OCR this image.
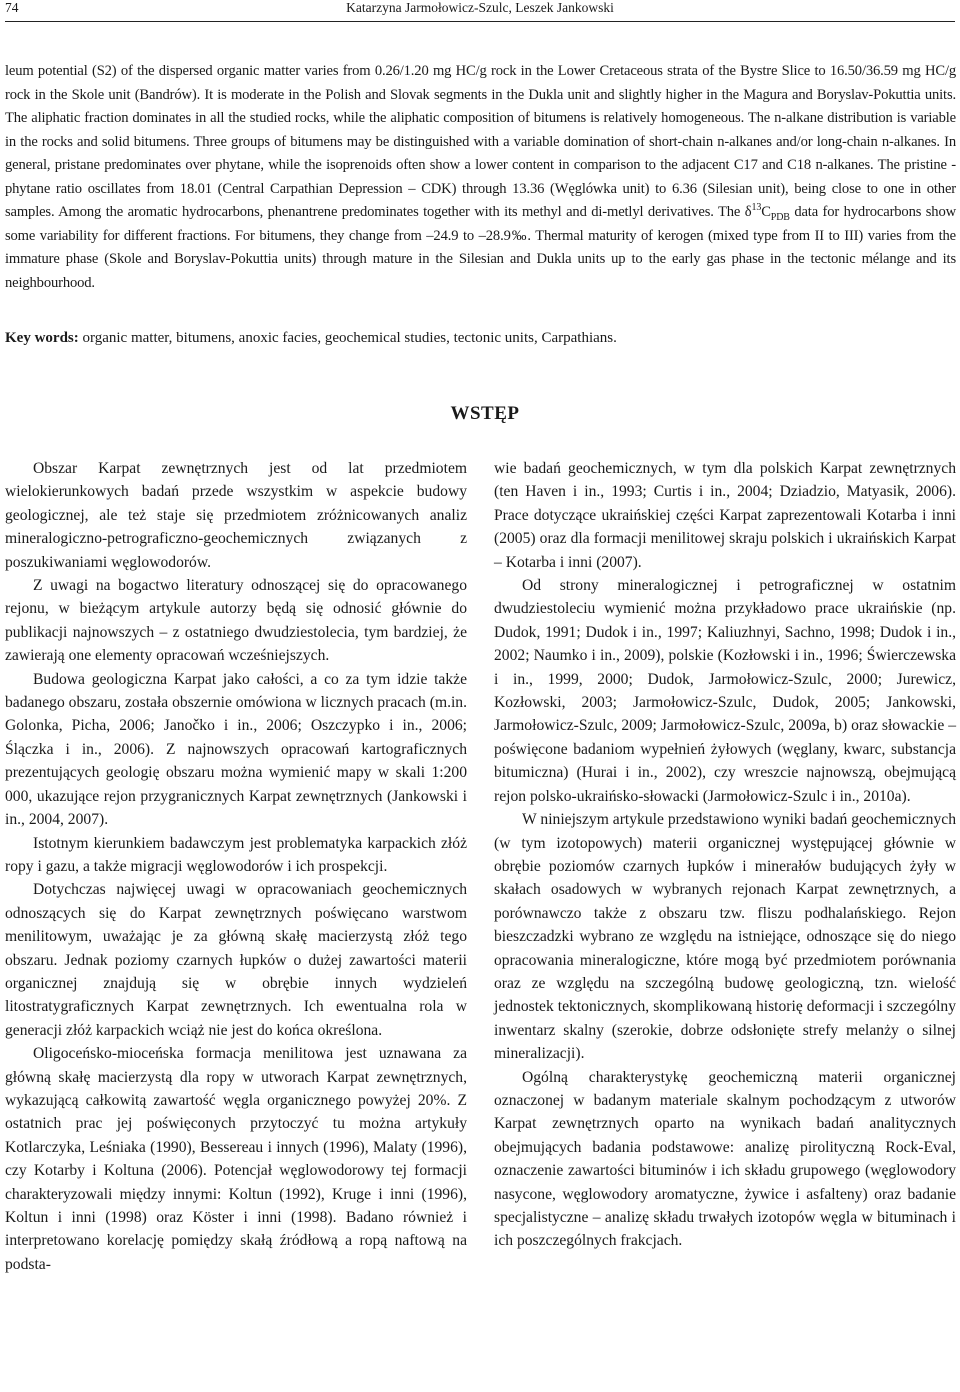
74	Katarzyna Jarmołowicz-Szulc, Leszek Jankowski

leum potential (S2) of the dispersed organic matter varies from 0.26/1.20 mg HC/g rock in the Lower Cretaceous strata of the Bystre Slice to 16.50/36.59 mg HC/g rock in the Skole unit (Bandrów). It is moderate in the Polish and Slovak segments in the Dukla unit and slightly higher in the Magura and Boryslav-Pokuttia units. The aliphatic fraction dominates in all the studied rocks, while the aliphatic composition of bitumens is relatively homogeneous. The n-alkane distribution is variable in the rocks and solid bitumens. Three groups of bitumens may be distinguished with a variable domination of short-chain n-alkanes and/or long-chain n-alkanes. In general, pristane predominates over phytane, while the isoprenoids often show a lower content in comparison to the adjacent C17 and C18 n-alkanes. The pristine - phytane ratio oscillates from 18.01 (Central Carpathian Depression – CDK) through 13.36 (Węglówka unit) to 6.36 (Silesian unit), being close to one in other samples. Among the aromatic hydrocarbons, phenantrene predominates together with its methyl and di-metlyl derivatives. The $\delta^{13}C_{PDB}$ data for hydrocarbons show some variability for different fractions. For bitumens, they change from –24.9 to –28.9‰. Thermal maturity of kerogen (mixed type from II to III) varies from the immature phase (Skole and Boryslav-Pokuttia units) through mature in the Silesian and Dukla units up to the early gas phase in the tectonic mélange and its neighbourhood.

Key words: organic matter, bitumens, anoxic facies, geochemical studies, tectonic units, Carpathians.
WSTĘP

Obszar Karpat zewnętrznych jest od lat przedmiotem wielokierunkowych badań przede wszystkim w aspekcie budowy geologicznej, ale też staje się przedmiotem zróżnicowanych analiz mineralogiczno-petrograficzno-geochemicznych związanych z poszukiwaniami węglowodorów.

Z uwagi na bogactwo literatury odnoszącej się do opracowanego rejonu, w bieżącym artykule autorzy będą się odnosić głównie do publikacji najnowszych – z ostatniego dwudziestolecia, tym bardziej, że zawierają one elementy opracowań wcześniejszych.

Budowa geologiczna Karpat jako całości, a co za tym idzie także badanego obszaru, została obszernie omówiona w licznych pracach (m.in. Golonka, Picha, 2006; Janočko i in., 2006; Oszczypko i in., 2006; Ślączka i in., 2006). Z najnowszych opracowań kartograficznych prezentujących geologię obszaru można wymienić mapy w skali 1:200 000, ukazujące rejon przygranicznych Karpat zewnętrznych (Jankowski i in., 2004, 2007).

Istotnym kierunkiem badawczym jest problematyka karpackich złóż ropy i gazu, a także migracji węglowodorów i ich prospekcji.

Dotychczas najwięcej uwagi w opracowaniach geochemicznych odnoszących się do Karpat zewnętrznych poświęcano warstwom menilitowym, uważając je za główną skałę macierzystą złóż tego obszaru. Jednak poziomy czarnych łupków o dużej zawartości materii organicznej znajdują się w obrębie innych wydzieleń litostratygraficznych Karpat zewnętrznych. Ich ewentualna rola w generacji złóż karpackich wciąż nie jest do końca określona.

Oligoceńsko-mioceńska formacja menilitowa jest uznawana za główną skałę macierzystą dla ropy w utworach Karpat zewnętrznych, wykazującą całkowitą zawartość węgla organicznego powyżej 20%. Z ostatnich prac jej poświęconych przytoczyć tu można artykuły Kotlarczyka, Leśniaka (1990), Bessereau i innych (1996), Malaty (1996), czy Kotarby i Koltuna (2006). Potencjał węglowodorowy tej formacji charakteryzowali między innymi: Koltun (1992), Kruge i inni (1996), Koltun i inni (1998) oraz Köster i inni (1998). Badano również i interpretowano korelację pomiędzy skałą źródłową a ropą naftową na podsta-

wie badań geochemicznych, w tym dla polskich Karpat zewnętrznych (ten Haven i in., 1993; Curtis i in., 2004; Dziadzio, Matyasik, 2006). Prace dotyczące ukraińskiej części Karpat zaprezentowali Kotarba i inni (2005) oraz dla formacji menilitowej skraju polskich i ukraińskich Karpat – Kotarba i inni (2007).

Od strony mineralogicznej i petrograficznej w ostatnim dwudziestoleciu wymienić można przykładowo prace ukraińskie (np. Dudok, 1991; Dudok i in., 1997; Kaliuzhnyi, Sachno, 1998; Dudok i in., 2002; Naumko i in., 2009), polskie (Kozłowski i in., 1996; Świerczewska i in., 1999, 2000; Dudok, Jarmołowicz-Szulc, 2000; Jurewicz, Kozłowski, 2003; Jarmołowicz-Szulc, Dudok, 2005; Jankowski, Jarmołowicz-Szulc, 2009; Jarmołowicz-Szulc, 2009a, b) oraz słowackie – poświęcone badaniom wypełnień żyłowych (węglany, kwarc, substancja bitumiczna) (Hurai i in., 2002), czy wreszcie najnowszą, obejmującą rejon polsko-ukraińsko-słowacki (Jarmołowicz-Szulc i in., 2010a).

W niniejszym artykule przedstawiono wyniki badań geochemicznych (w tym izotopowych) materii organicznej występującej głównie w obrębie poziomów czarnych łupków i minerałów budujących żyły w skałach osadowych w wybranych rejonach Karpat zewnętrznych, a porównawczo także z obszaru tzw. fliszu podhalańskiego. Rejon bieszczadzki wybrano ze względu na istniejące, odnoszące się do niego opracowania mineralogiczne, które mogą być przedmiotem porównania oraz ze względu na szczególną budowę geologiczną, tzn. wielość jednostek tektonicznych, skomplikowaną historię deformacji i szczególny inwentarz skalny (szerokie, dobrze odsłonięte strefy melanży o silnej mineralizacji).

Ogólną charakterystykę geochemiczną materii organicznej oznaczonej w badanym materiale skalnym pochodzącym z utworów Karpat zewnętrznych oparto na wynikach badań analitycznych obejmujących badania podstawowe: analizę pirolityczną Rock-Eval, oznaczenie zawartości bituminów i ich składu grupowego (węglowodory nasycone, węglowodory aromatyczne, żywice i asfalteny) oraz badanie specjalistyczne – analizę składu trwałych izotopów węgla w bituminach i ich poszczególnych frakcjach.
